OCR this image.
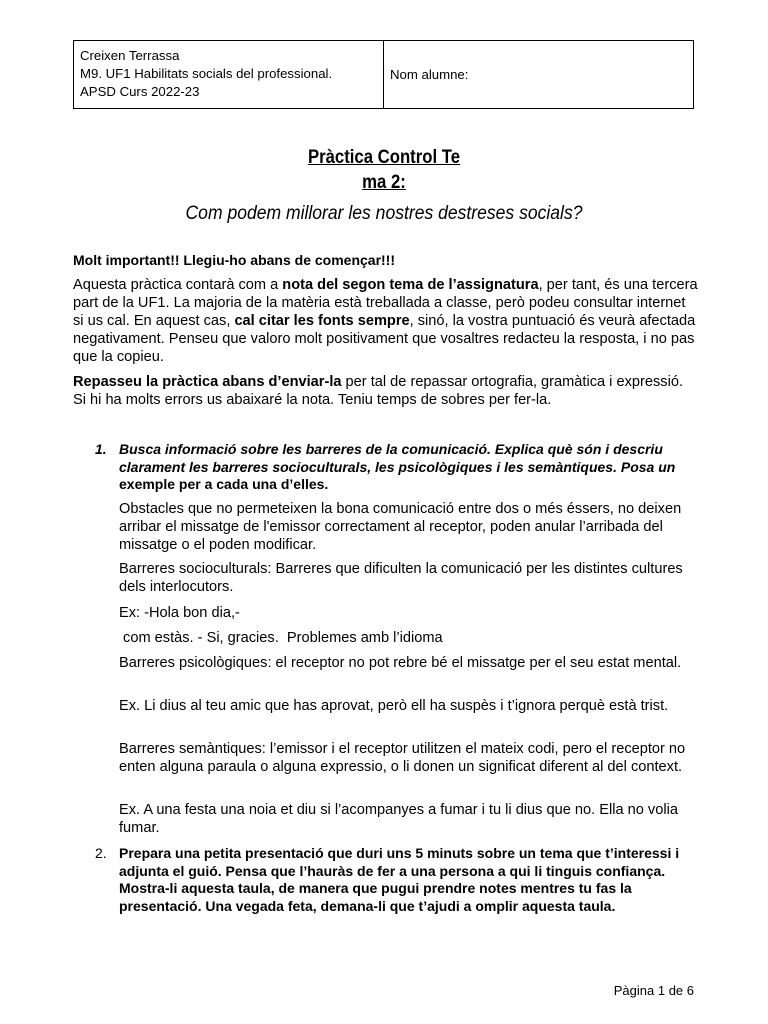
Creixen Terrassa
M9. UF1 Habilitats socials del professional.
APSD Curs 2022-23
Nom alumne:
Pràctica Control Te
ma 2:
Com podem millorar les nostres destreses socials?
Molt important!! Llegiu-ho abans de començar!!!
Aquesta pràctica contarà com a nota del segon tema de l’assignatura, per tant, és una tercera part de la UF1. La majoria de la matèria està treballada a classe, però podeu consultar internet si us cal. En aquest cas, cal citar les fonts sempre, sinó, la vostra puntuació és veurà afectada negativament. Penseu que valoro molt positivament que vosaltres redacteu la resposta, i no pas que la copieu.
Repasseu la pràctica abans d’enviar-la per tal de repassar ortografia, gramàtica i expressió. Si hi ha molts errors us abaixaré la nota. Teniu temps de sobres per fer-la.
1. Busca informació sobre les barreres de la comunicació. Explica què són i descriu clarament les barreres socioculturals, les psicològiques i les semàntiques. Posa un exemple per a cada una d’elles.
Obstacles que no permeteixen la bona comunicació entre dos o més éssers, no deixen arribar el missatge de l'emissor correctament al receptor, poden anular l’arribada del missatge o el poden modificar.
Barreres socioculturals: Barreres que dificulten la comunicació per les distintes cultures dels interlocutors.
Ex: -Hola bon dia,-
com estàs. - Si, gracies.  Problemes amb l’idioma
Barreres psicològiques: el receptor no pot rebre bé el missatge per el seu estat mental.
Ex. Li dius al teu amic que has aprovat, però ell ha suspès i t’ignora perquè està trist.
Barreres semàntiques: l’emissor i el receptor utilitzen el mateix codi, pero el receptor no enten alguna paraula o alguna expressio, o li donen un significat diferent al del context.
Ex. A una festa una noia et diu si l’acompanyes a fumar i tu li dius que no. Ella no volia fumar.
2. Prepara una petita presentació que duri uns 5 minuts sobre un tema que t’interessi i adjunta el guió. Pensa que l’hauràs de fer a una persona a qui li tinguis confiança. Mostra-li aquesta taula, de manera que pugui prendre notes mentres tu fas la presentació. Una vegada feta, demana-li que t’ajudi a omplir aquesta taula.
Pàgina 1 de 6
